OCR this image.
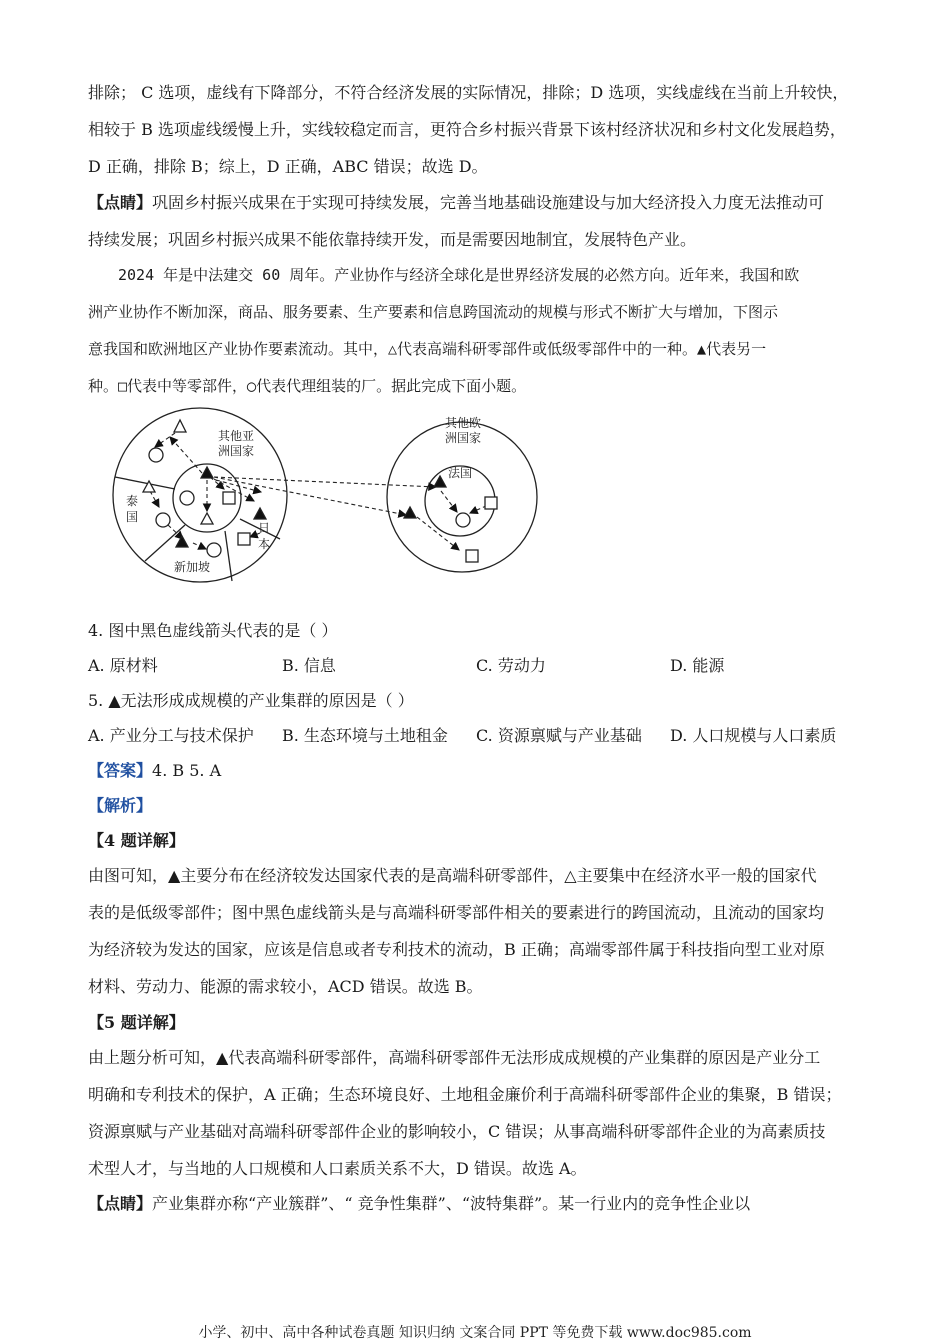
排除； C 选项，虚线有下降部分，不符合经济发展的实际情况，排除；D 选项，实线虚线在当前上升较快，
相较于 B 选项虚线缓慢上升，实线较稳定而言，更符合乡村振兴背景下该村经济状况和乡村文化发展趋势，
D 正确，排除 B；综上，D 正确，ABC 错误；故选 D。
【点睛】巩固乡村振兴成果在于实现可持续发展，完善当地基础设施建设与加大经济投入力度无法推动可
持续发展；巩固乡村振兴成果不能依靠持续开发，而是需要因地制宜，发展特色产业。
2024 年是中法建交 60 周年。产业协作与经济全球化是世界经济发展的必然方向。近年来，我国和欧
洲产业协作不断加深，商品、服务要素、生产要素和信息跨国流动的规模与形式不断扩大与增加，下图示
意我国和欧洲地区产业协作要素流动。其中，△代表高端科研零部件或低级零部件中的一种。▲代表另一
种。□代表中等零部件，◯代表代理组装的厂。据此完成下面小题。
其他亚
洲国家
其他欧
洲国家
法国
泰
国
日
本
新加坡
4. 图中黑色虚线箭头代表的是（ ）
A. 原材料	B. 信息	C. 劳动力	D. 能源
5. ▲无法形成成规模的产业集群的原因是（ ）
A. 产业分工与技术保护 B. 生态环境与土地租金 C. 资源禀赋与产业基础 D. 人口规模与人口素质
【答案】4. B 5. A
【解析】
【4 题详解】
由图可知，▲主要分布在经济较发达国家代表的是高端科研零部件，△主要集中在经济水平一般的国家代
表的是低级零部件；图中黑色虚线箭头是与高端科研零部件相关的要素进行的跨国流动，且流动的国家均
为经济较为发达的国家，应该是信息或者专利技术的流动，B 正确；高端零部件属于科技指向型工业对原
材料、劳动力、能源的需求较小，ACD 错误。故选 B。
【5 题详解】
由上题分析可知，▲代表高端科研零部件，高端科研零部件无法形成成规模的产业集群的原因是产业分工
明确和专利技术的保护，A 正确；生态环境良好、土地租金廉价利于高端科研零部件企业的集聚，B 错误；
资源禀赋与产业基础对高端科研零部件企业的影响较小，C 错误；从事高端科研零部件企业的为高素质技
术型人才，与当地的人口规模和人口素质关系不大，D 错误。故选 A。
【点睛】产业集群亦称“产业簇群”、“ 竞争性集群”、“波特集群”。某一行业内的竞争性企业以
小学、初中、高中各种试卷真题 知识归纳 文案合同 PPT 等免费下载 www.doc985.com
